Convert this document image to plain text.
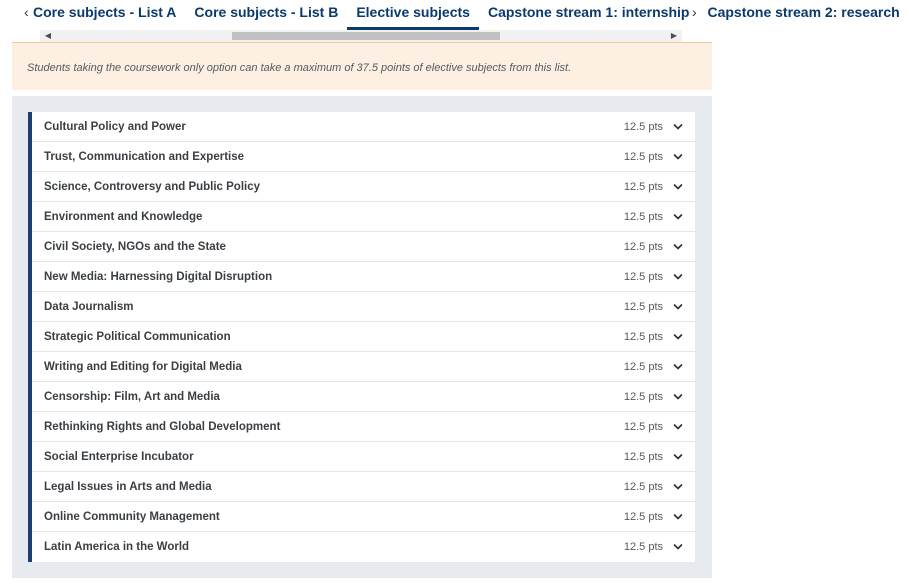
‹ Core subjects - List A Core subjects - List B Elective subjects Capstone stream 1: internship Capstone stream 2: research
›
◀	▶

Students taking the coursework only option can take a maximum of 37.5 points of elective subjects from this list.

Cultural Policy and Power	12.5 pts
Trust, Communication and Expertise	12.5 pts
Science, Controversy and Public Policy	12.5 pts
Environment and Knowledge	12.5 pts
Civil Society, NGOs and the State	12.5 pts
New Media: Harnessing Digital Disruption	12.5 pts
Data Journalism	12.5 pts
Strategic Political Communication	12.5 pts
Writing and Editing for Digital Media	12.5 pts
Censorship: Film, Art and Media	12.5 pts
Rethinking Rights and Global Development	12.5 pts
Social Enterprise Incubator	12.5 pts
Legal Issues in Arts and Media	12.5 pts
Online Community Management	12.5 pts
Latin America in the World	12.5 pts
